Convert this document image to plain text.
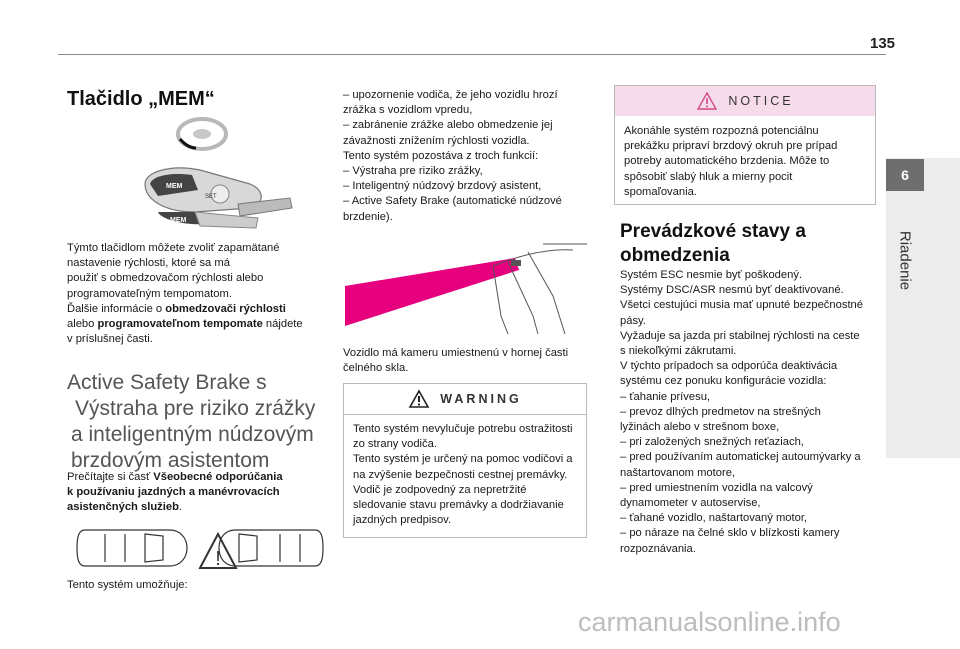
135
6
Riadenie
Tlačidlo „MEM“
MEM
MEM
SET
Týmto tlačidlom môžete zvoliť zapamätané
nastavenie rýchlosti, ktoré sa má
použiť s obmedzovačom rýchlosti alebo
programovateľným tempomatom.
Ďalšie informácie o obmedzovači rýchlosti
alebo programovateľnom tempomate nájdete
v príslušnej časti.
Active Safety Brake s
Výstraha pre riziko zrážky
a inteligentným núdzovým
brzdovým asistentom
Prečítajte si časť Všeobecné odporúčania
k používaniu jazdných a manévrovacích
asistenčných služieb.
!
Tento systém umožňuje:
– upozornenie vodiča, že jeho vozidlu hrozí
zrážka s vozidlom vpredu,
– zabránenie zrážke alebo obmedzenie jej
závažnosti znížením rýchlosti vozidla.
Tento systém pozostáva z troch funkcií:
– Výstraha pre riziko zrážky,
– Inteligentný núdzový brzdový asistent,
– Active Safety Brake (automatické núdzové
brzdenie).
Vozidlo má kameru umiestnenú v hornej časti
čelného skla.
WARNING
Tento systém nevylučuje potrebu ostražitosti
zo strany vodiča.
Tento systém je určený na pomoc vodičovi a
na zvýšenie bezpečnosti cestnej premávky.
Vodič je zodpovedný za nepretržité
sledovanie stavu premávky a dodržiavanie
jazdných predpisov.
NOTICE
Akonáhle systém rozpozná potenciálnu
prekážku pripraví brzdový okruh pre prípad
potreby automatického brzdenia. Môže to
spôsobiť slabý hluk a mierny pocit
spomaľovania.
Prevádzkové stavy a
obmedzenia
Systém ESC nesmie byť poškodený.
Systémy DSC/ASR nesmú byť deaktivované.
Všetci cestujúci musia mať upnuté bezpečnostné
pásy.
Vyžaduje sa jazda pri stabilnej rýchlosti na ceste
s niekoľkými zákrutami.
V týchto prípadoch sa odporúča deaktivácia
systému cez ponuku konfigurácie vozidla:
– ťahanie prívesu,
– prevoz dlhých predmetov na strešných
lyžinách alebo v strešnom boxe,
– pri založených snežných reťaziach,
– pred používaním automatickej autoumývarky a
naštartovanom motore,
– pred umiestnením vozidla na valcový
dynamometer v autoservise,
– ťahané vozidlo, naštartovaný motor,
– po náraze na čelné sklo v blízkosti kamery
rozpoznávania.
carmanualsonline.info
